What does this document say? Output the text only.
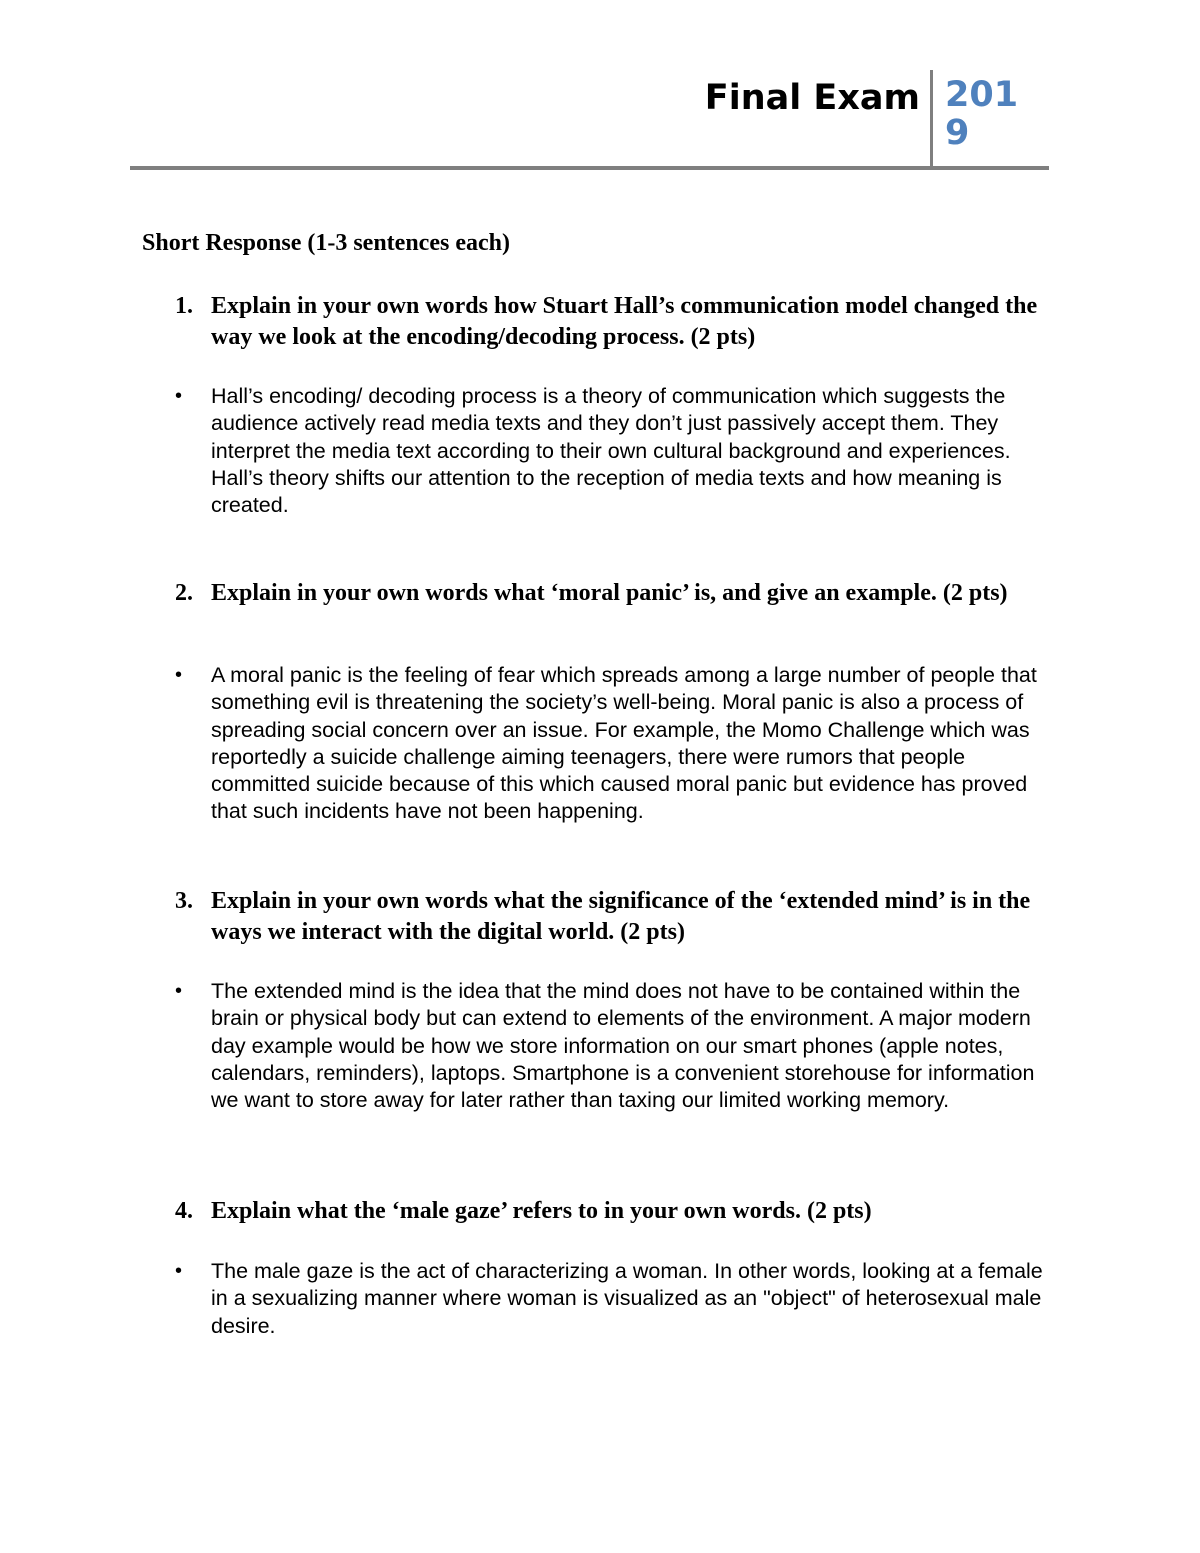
Final Exam 2019
Short Response (1-3 sentences each)
1. Explain in your own words how Stuart Hall’s communication model changed the way we look at the encoding/decoding process. (2 pts)
• Hall’s encoding/ decoding process is a theory of communication which suggests the audience actively read media texts and they don’t just passively accept them. They interpret the media text according to their own cultural background and experiences. Hall’s theory shifts our attention to the reception of media texts and how meaning is created.
2. Explain in your own words what ‘moral panic’ is, and give an example. (2 pts)
• A moral panic is the feeling of fear which spreads among a large number of people that something evil is threatening the society’s well-being. Moral panic is also a process of spreading social concern over an issue. For example, the Momo Challenge which was reportedly a suicide challenge aiming teenagers, there were rumors that people committed suicide because of this which caused moral panic but evidence has proved that such incidents have not been happening.
3. Explain in your own words what the significance of the ‘extended mind’ is in the ways we interact with the digital world. (2 pts)
• The extended mind is the idea that the mind does not have to be contained within the brain or physical body but can extend to elements of the environment. A major modern day example would be how we store information on our smart phones (apple notes, calendars, reminders), laptops. Smartphone is a convenient storehouse for information we want to store away for later rather than taxing our limited working memory.
4. Explain what the ‘male gaze’ refers to in your own words. (2 pts)
• The male gaze is the act of characterizing a woman. In other words, looking at a female in a sexualizing manner where woman is visualized as an "object" of heterosexual male desire.
